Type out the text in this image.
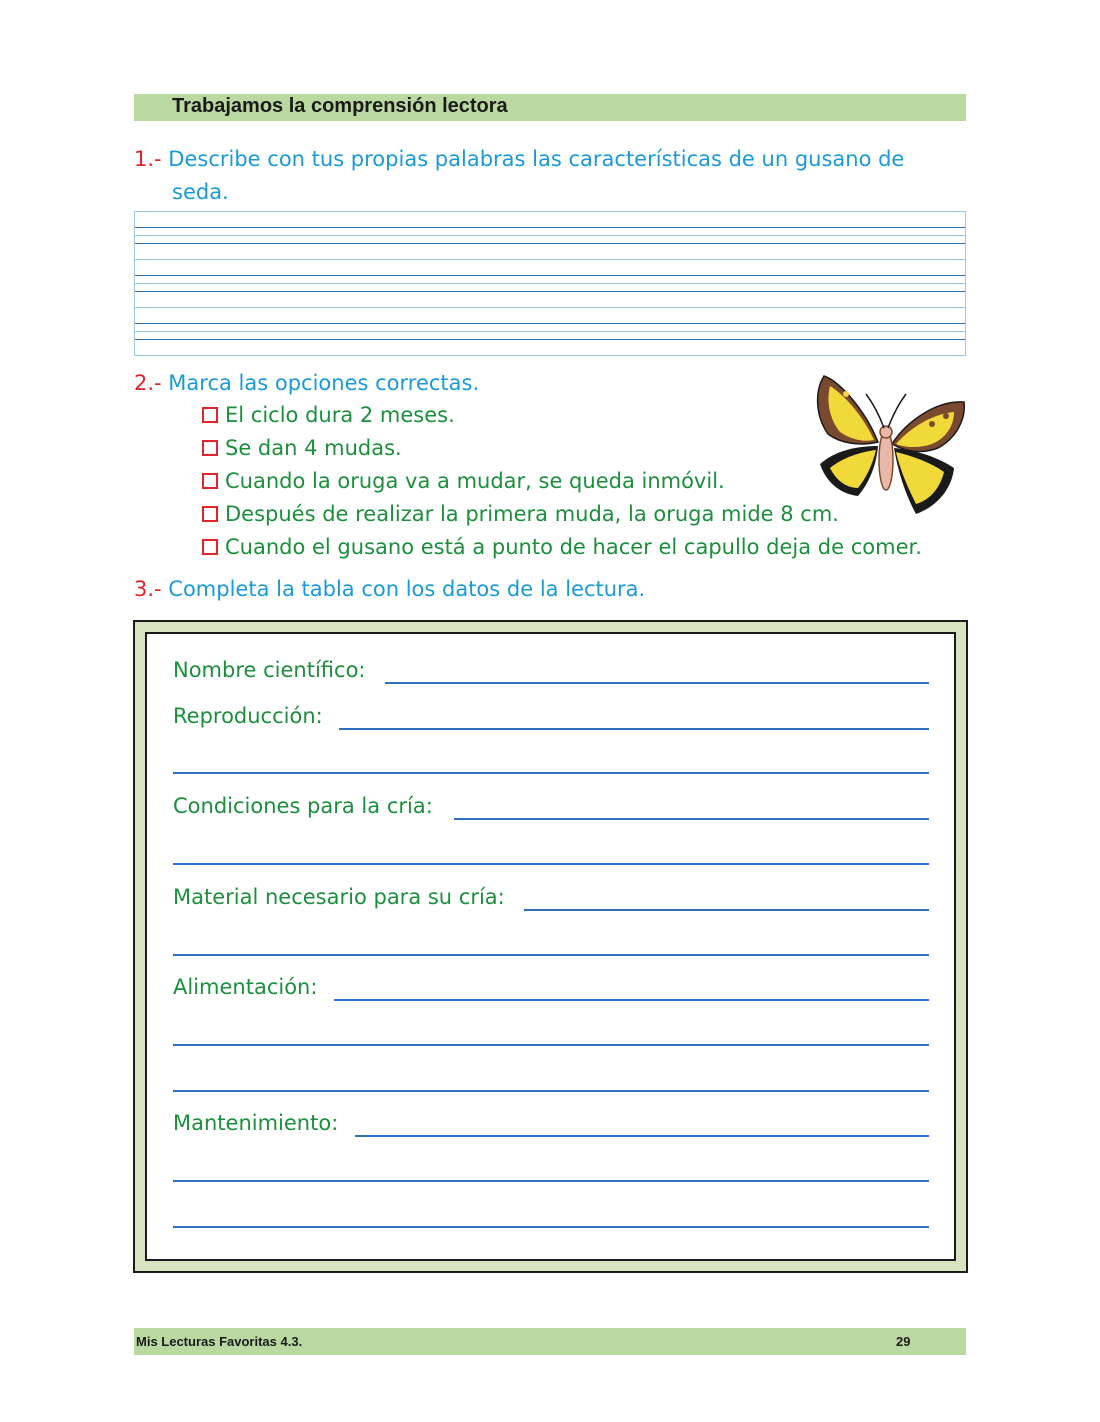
Trabajamos la comprensión lectora
1.- Describe con tus propias palabras las características de un gusano de
seda.
2.- Marca las opciones correctas.
El ciclo dura 2 meses.
Se dan 4 mudas.
Cuando la oruga va a mudar, se queda inmóvil.
Después de realizar la primera muda, la oruga mide 8 cm.
Cuando el gusano está a punto de hacer el capullo deja de comer.
3.- Completa la tabla con los datos de la lectura.
Nombre científico:
Reproducción:
Condiciones para la cría:
Material necesario para su cría:
Alimentación:
Mantenimiento:
Mis Lecturas Favoritas 4.3.	29
